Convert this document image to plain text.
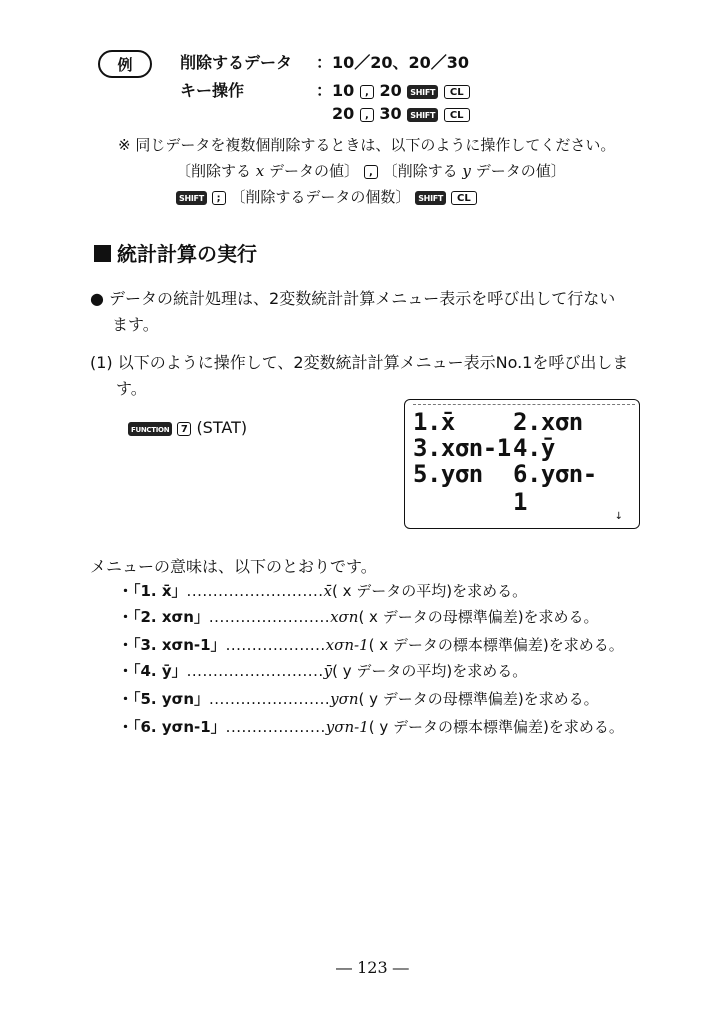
例	削除するデータ ：10／20、20／30
キー操作	：10 , 20 SHIFT CL
20 , 30 SHIFT CL
※ 同じデータを複数個削除するときは、以下のように操作してください。
〔削除する x データの値〕 , 〔削除する y データの値〕
SHIFT ; 〔削除するデータの個数〕 SHIFT CL
統計計算の実行
● データの統計処理は、2変数統計計算メニュー表示を呼び出して行ない
ます。
(1) 以下のように操作して、2変数統計計算メニュー表示No.1を呼び出しま
す。
FUNCTION 7 (STAT)	1.x̄ 2.xσn
3.xσn-1 4.ȳ
5.yσn 6.yσn-1
↓
メニューの意味は、以下のとおりです。
・「1. x̄」..........................x̄( x データの平均)を求める。
・「2. xσn」.......................xσn( x データの母標準偏差)を求める。
・「3. xσn-1」...................xσn-1( x データの標本標準偏差)を求める。
・「4. ȳ」..........................ȳ( y データの平均)を求める。
・「5. yσn」.......................yσn( y データの母標準偏差)を求める。
・「6. yσn-1」...................yσn-1( y データの標本標準偏差)を求める。
― 123 ―
